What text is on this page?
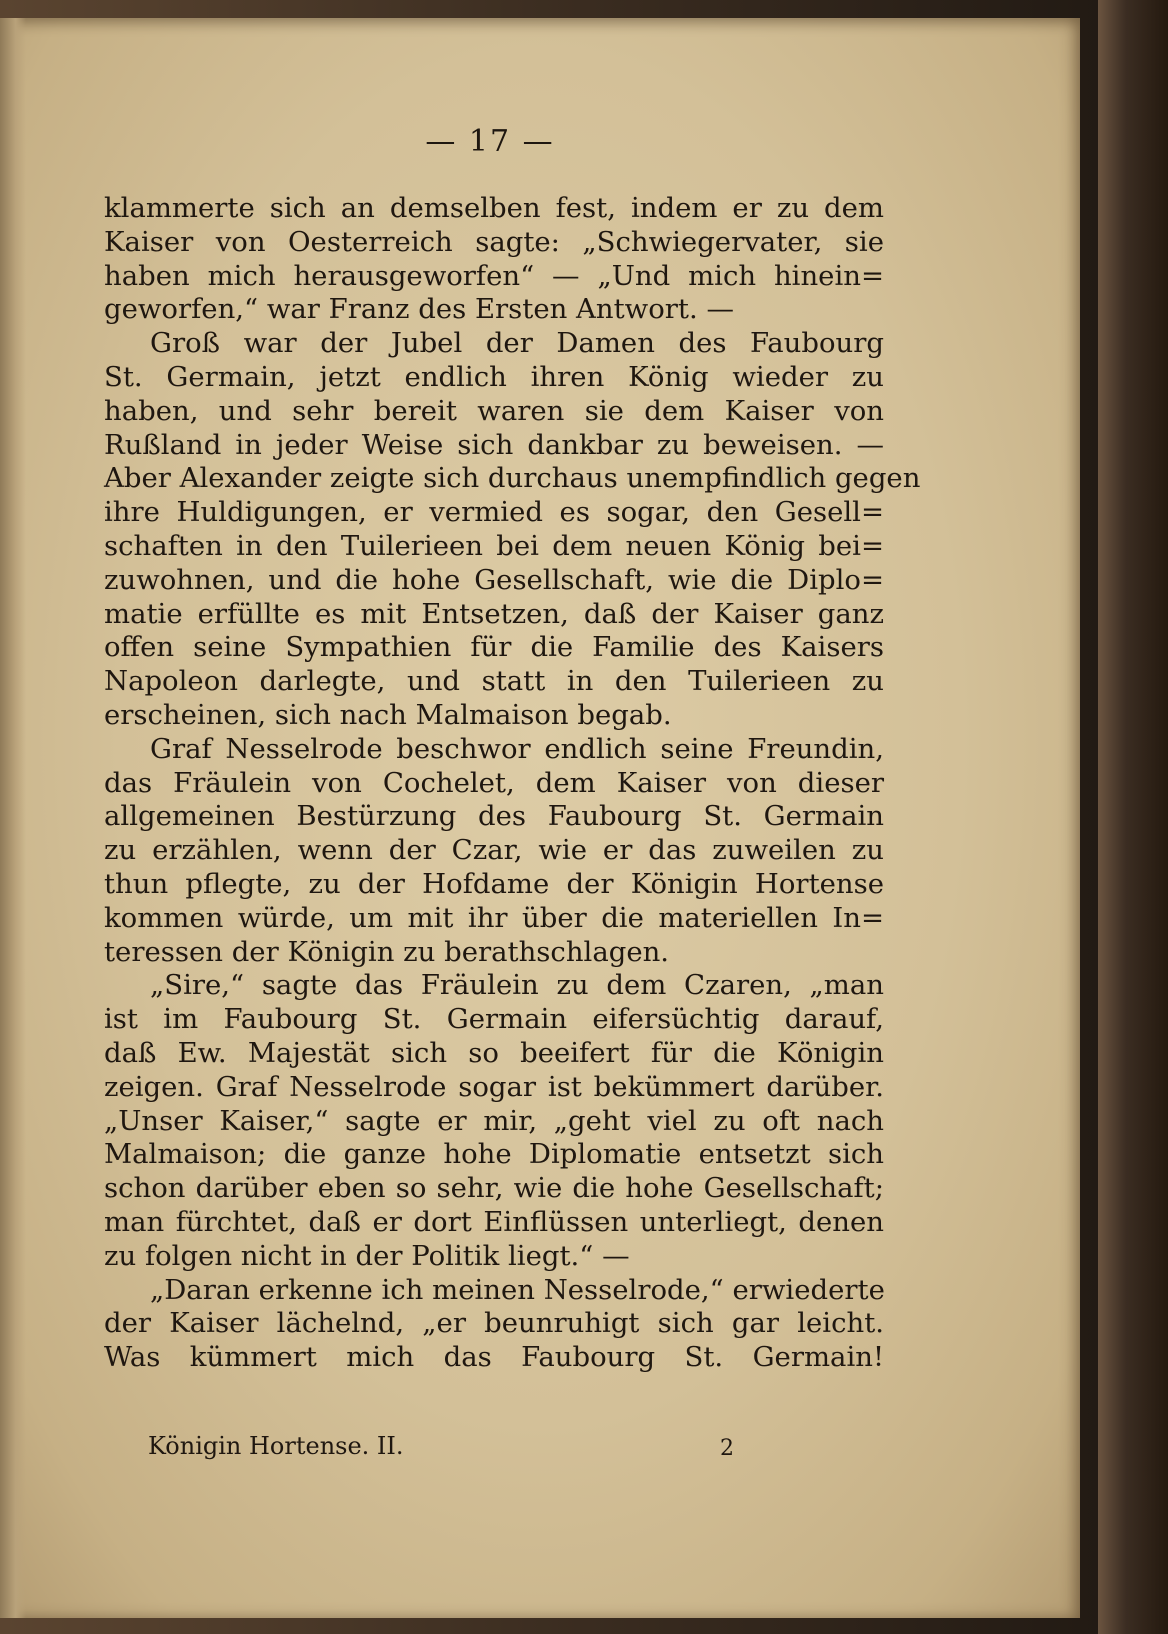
— 17 —
klammerte sich an demselben fest, indem er zu dem
Kaiser von Oesterreich sagte: „Schwiegervater, sie
haben mich herausgeworfen“ — „Und mich hinein=
geworfen,“ war Franz des Ersten Antwort. —
Groß war der Jubel der Damen des Faubourg
St. Germain, jetzt endlich ihren König wieder zu
haben, und sehr bereit waren sie dem Kaiser von
Rußland in jeder Weise sich dankbar zu beweisen. —
Aber Alexander zeigte sich durchaus unempfindlich gegen
ihre Huldigungen, er vermied es sogar, den Gesell=
schaften in den Tuilerieen bei dem neuen König bei=
zuwohnen, und die hohe Gesellschaft, wie die Diplo=
matie erfüllte es mit Entsetzen, daß der Kaiser ganz
offen seine Sympathien für die Familie des Kaisers
Napoleon darlegte, und statt in den Tuilerieen zu
erscheinen, sich nach Malmaison begab.
Graf Nesselrode beschwor endlich seine Freundin,
das Fräulein von Cochelet, dem Kaiser von dieser
allgemeinen Bestürzung des Faubourg St. Germain
zu erzählen, wenn der Czar, wie er das zuweilen zu
thun pflegte, zu der Hofdame der Königin Hortense
kommen würde, um mit ihr über die materiellen In=
teressen der Königin zu berathschlagen.
„Sire,“ sagte das Fräulein zu dem Czaren, „man
ist im Faubourg St. Germain eifersüchtig darauf,
daß Ew. Majestät sich so beeifert für die Königin
zeigen. Graf Nesselrode sogar ist bekümmert darüber.
„Unser Kaiser,“ sagte er mir, „geht viel zu oft nach
Malmaison; die ganze hohe Diplomatie entsetzt sich
schon darüber eben so sehr, wie die hohe Gesellschaft;
man fürchtet, daß er dort Einflüssen unterliegt, denen
zu folgen nicht in der Politik liegt.“ —
„Daran erkenne ich meinen Nesselrode,“ erwiederte
der Kaiser lächelnd, „er beunruhigt sich gar leicht.
Was kümmert mich das Faubourg St. Germain!
Königin Hortense. II.	2
